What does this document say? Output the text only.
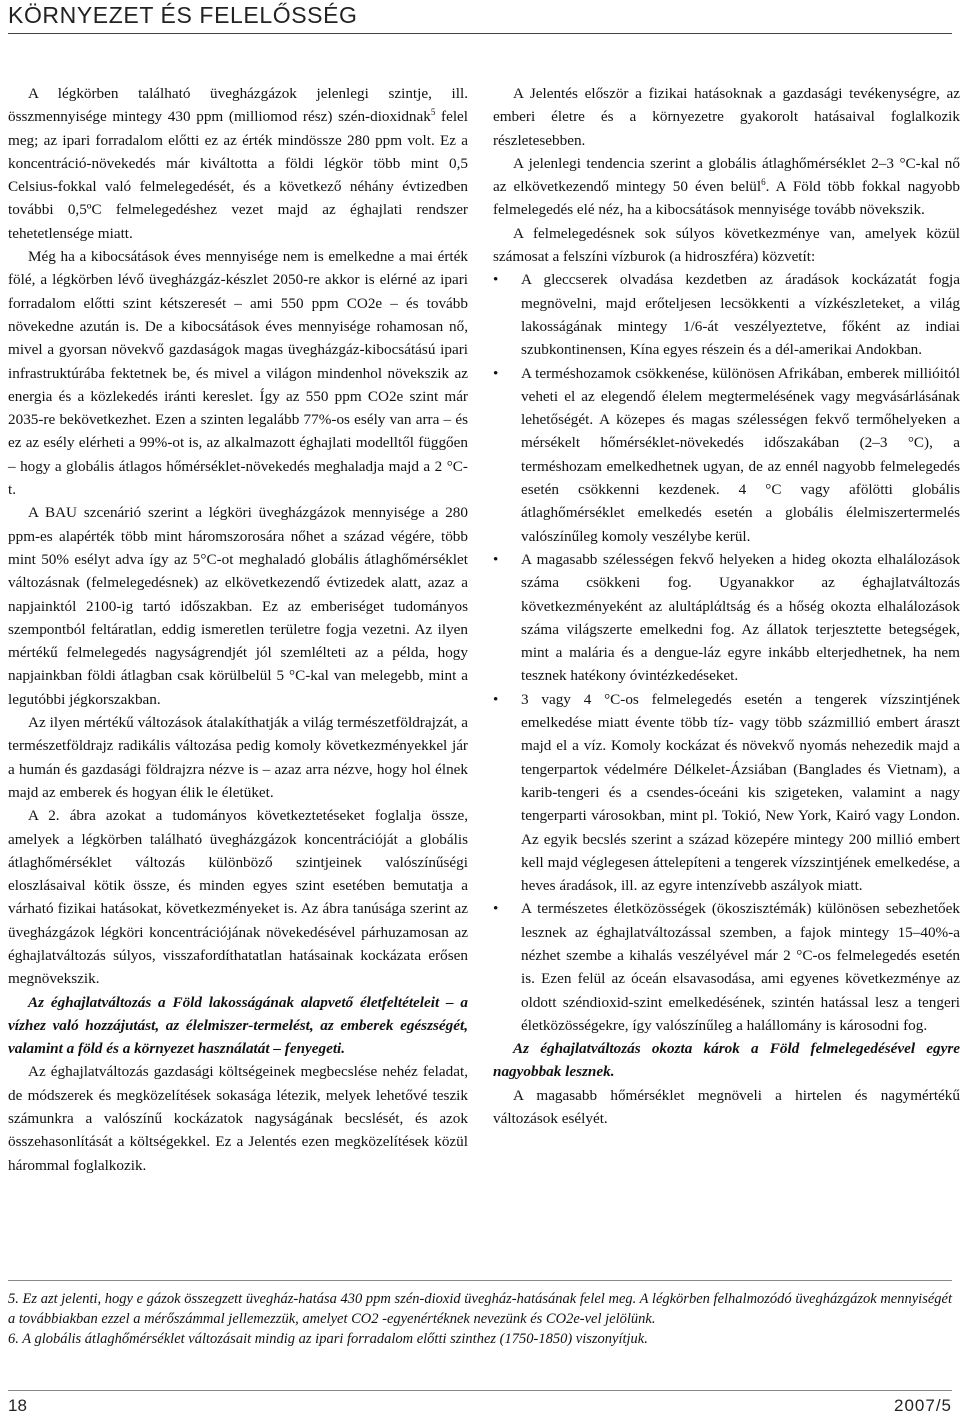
KÖRNYEZET ÉS FELELŐSSÉG

A légkörben található üvegházgázok jelenlegi szintje, ill. összmennyisége mintegy 430 ppm (milliomod rész) szén-dioxidnak$^5$ felel meg; az ipari forradalom előtti ez az érték mindössze 280 ppm volt. Ez a koncentráció-növekedés már kiváltotta a földi légkör több mint 0,5 Celsius-fokkal való felmelegedését, és a következő néhány évtizedben további 0,5ºC felmelegedéshez vezet majd az éghajlati rendszer tehetetlensége miatt.

Még ha a kibocsátások éves mennyisége nem is emelkedne a mai érték fölé, a légkörben lévő üvegházgáz-készlet 2050-re akkor is elérné az ipari forradalom előtti szint kétszeresét – ami 550 ppm CO2e – és tovább növekedne azután is. De a kibocsátások éves mennyisége rohamosan nő, mivel a gyorsan növekvő gazdaságok magas üvegházgáz-kibocsátású ipari infrastruktúrába fektetnek be, és mivel a világon mindenhol növekszik az energia és a közlekedés iránti kereslet. Így az 550 ppm CO2e szint már 2035-re bekövetkezhet. Ezen a szinten legalább 77%-os esély van arra – és ez az esély elérheti a 99%-ot is, az alkalmazott éghajlati modelltől függően – hogy a globális átlagos hőmérséklet-növekedés meghaladja majd a 2 °C-t.

A BAU szcenárió szerint a légköri üvegházgázok mennyisége a 280 ppm-es alapérték több mint háromszorosára nőhet a század végére, több mint 50% esélyt adva így az 5°C-ot meghaladó globális átlaghőmérséklet változásnak (felmelegedésnek) az elkövetkezendő évtizedek alatt, azaz a napjainktól 2100-ig tartó időszakban. Ez az emberiséget tudományos szempontból feltáratlan, eddig ismeretlen területre fogja vezetni. Az ilyen mértékű felmelegedés nagyságrendjét jól szemlélteti az a példa, hogy napjainkban földi átlagban csak körülbelül 5 °C-kal van melegebb, mint a legutóbbi jégkorszakban.

Az ilyen mértékű változások átalakíthatják a világ természetföldrajzát, a természetföldrajz radikális változása pedig komoly következményekkel jár a humán és gazdasági földrajzra nézve is – azaz arra nézve, hogy hol élnek majd az emberek és hogyan élik le életüket.

A 2. ábra azokat a tudományos következtetéseket foglalja össze, amelyek a légkörben található üvegházgázok koncentrációját a globális átlaghőmérséklet változás különböző szintjeinek valószínűségi eloszlásaival kötik össze, és minden egyes szint esetében bemutatja a várható fizikai hatásokat, következményeket is. Az ábra tanúsága szerint az üvegházgázok légköri koncentrációjának növekedésével párhuzamosan az éghajlatváltozás súlyos, visszafordíthatatlan hatásainak kockázata erősen megnövekszik.

Az éghajlatváltozás a Föld lakosságának alapvető életfeltételeit – a vízhez való hozzájutást, az élelmiszer-termelést, az emberek egészségét, valamint a föld és a környezet használatát – fenyegeti.

Az éghajlatváltozás gazdasági költségeinek megbecslése nehéz feladat, de módszerek és megközelítések sokasága létezik, melyek lehetővé teszik számunkra a valószínű kockázatok nagyságának becslését, és azok összehasonlítását a költségekkel. Ez a Jelentés ezen megközelítések közül hárommal foglalkozik.

A Jelentés először a fizikai hatásoknak a gazdasági tevékenységre, az emberi életre és a környezetre gyakorolt hatásaival foglalkozik részletesebben.

A jelenlegi tendencia szerint a globális átlaghőmérséklet 2–3 °C-kal nő az elkövetkezendő mintegy 50 éven belül$^6$. A Föld több fokkal nagyobb felmelegedés elé néz, ha a kibocsátások mennyisége tovább növekszik.

A felmelegedésnek sok súlyos következménye van, amelyek közül számosat a felszíni vízburok (a hidroszféra) közvetít:

• A gleccserek olvadása kezdetben az áradások kockázatát fogja megnövelni, majd erőteljesen lecsökkenti a vízkészleteket, a világ lakosságának mintegy 1/6-át veszélyeztetve, főként az indiai szubkontinensen, Kína egyes részein és a dél-amerikai Andokban.
• A terméshozamok csökkenése, különösen Afrikában, emberek millióitól veheti el az elegendő élelem megtermelésének vagy megvásárlásának lehetőségét. A közepes és magas szélességen fekvő termőhelyeken a mérsékelt hőmérséklet-növekedés időszakában (2–3 °C), a terméshozam emelkedhetnek ugyan, de az ennél nagyobb felmelegedés esetén csökkenni kezdenek. 4 °C vagy afölötti globális átlaghőmérséklet emelkedés esetén a globális élelmiszertermelés valószínűleg komoly veszélybe kerül.
• A magasabb szélességen fekvő helyeken a hideg okozta elhalálozások száma csökkeni fog. Ugyanakkor az éghajlatváltozás következményeként az alultáplάltság és a hőség okozta elhalálozások száma világszerte emelkedni fog. Az állatok terjesztette betegségek, mint a malária és a dengue-láz egyre inkább elterjedhetnek, ha nem tesznek hatékony óvintézkedéseket.
• 3 vagy 4 °C-os felmelegedés esetén a tengerek vízszintjének emelkedése miatt évente több tíz- vagy több százmillió embert áraszt majd el a víz. Komoly kockázat és növekvő nyomás nehezedik majd a tengerpartok védelmére Délkelet-Ázsiában (Banglades és Vietnam), a karib-tengeri és a csendes-óceáni kis szigeteken, valamint a nagy tengerparti városokban, mint pl. Tokió, New York, Kairó vagy London. Az egyik becslés szerint a század közepére mintegy 200 millió embert kell majd véglegesen áttelepíteni a tengerek vízszintjének emelkedése, a heves áradások, ill. az egyre intenzívebb aszályok miatt.
• A természetes életközösségek (ökoszisztémák) különösen sebezhetőek lesznek az éghajlatváltozással szemben, a fajok mintegy 15–40%-a nézhet szembe a kihalás veszélyével már 2 °C-os felmelegedés esetén is. Ezen felül az óceán elsavasodása, ami egyenes következménye az oldott széndioxid-szint emelkedésének, szintén hatással lesz a tengeri életközösségekre, így valószínűleg a halállomány is károsodni fog.

Az éghajlatváltozás okozta károk a Föld felmelegedésével egyre nagyobbak lesznek.

A magasabb hőmérséklet megnöveli a hirtelen és nagymértékű változások esélyét.

5. Ez azt jelenti, hogy e gázok összegzett üvegház-hatása 430 ppm szén-dioxid üvegház-hatásának felel meg. A légkörben felhalmozódó üvegházgázok mennyiségét a továbbiakban ezzel a mérőszámmal jellemezzük, amelyet CO2 -egyenértéknek nevezünk és CO2e-vel jelölünk.

6. A globális átlaghőmérséklet változásait mindig az ipari forradalom előtti szinthez (1750-1850) viszonyítjuk.

18	2007/5
